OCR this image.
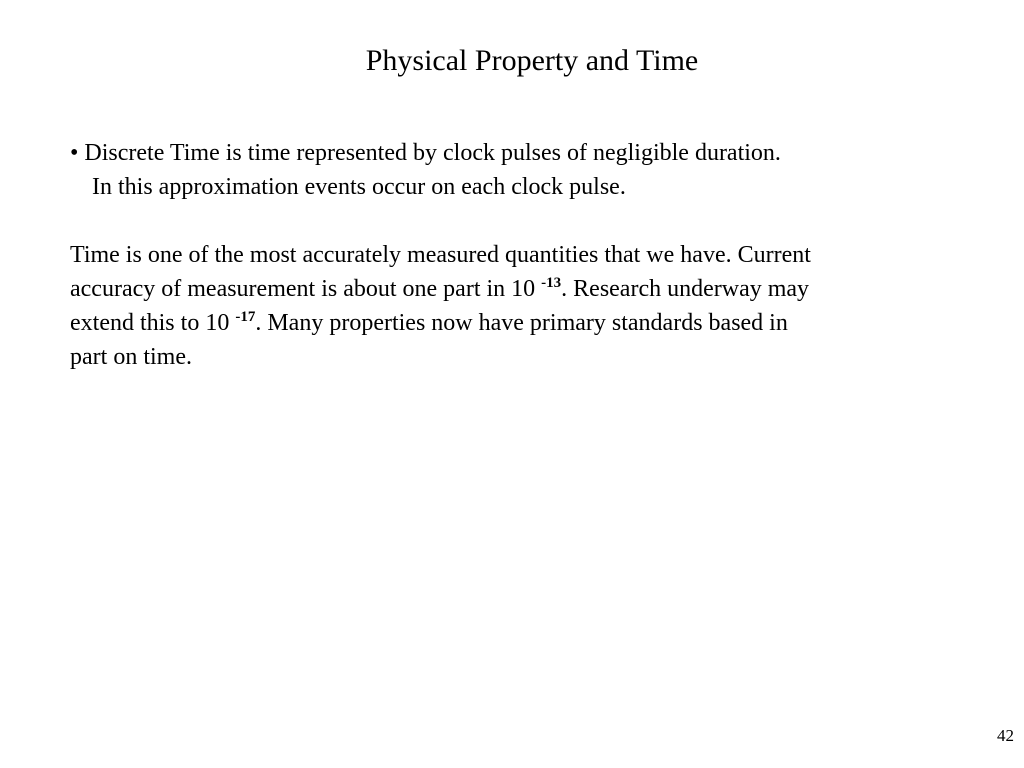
Physical Property and Time
• Discrete Time is time represented by clock pulses of negligible duration.
In this approximation events occur on each clock pulse.
Time is one of the most accurately measured quantities that we have. Current
accuracy of measurement is about one part in 10 $^{-13}$. Research underway may
extend this to 10 $^{-17}$. Many properties now have primary standards based in
part on time.
42
